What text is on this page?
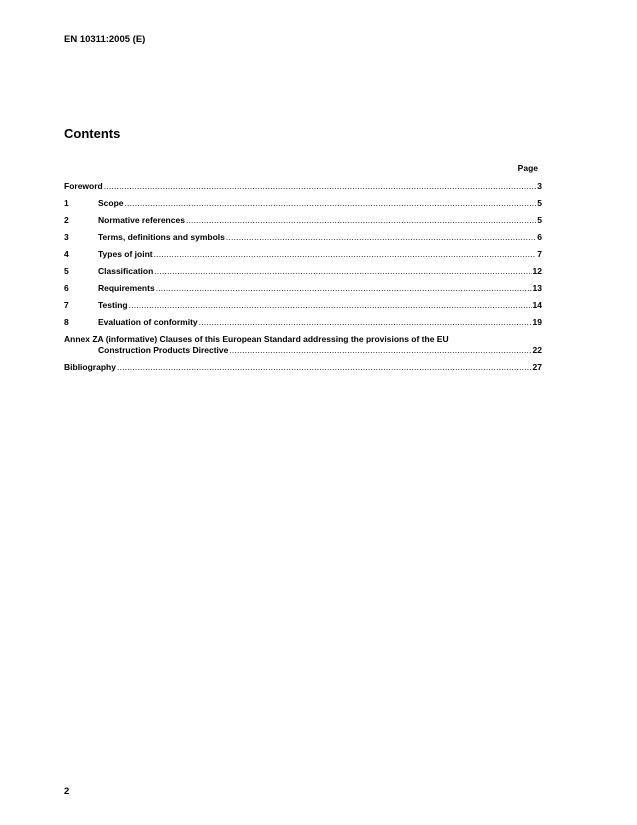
EN 10311:2005 (E)
Contents
Page
Foreword .....	3
1	Scope .....	5
2	Normative references .....	5
3	Terms, definitions and symbols .....	6
4	Types of joint .....	7
5	Classification .....	12
6	Requirements .....	13
7	Testing .....	14
8	Evaluation of conformity .....	19
Annex ZA (informative) Clauses of this European Standard addressing the provisions of the EU
Construction Products Directive .....	22
Bibliography .....	27
2
